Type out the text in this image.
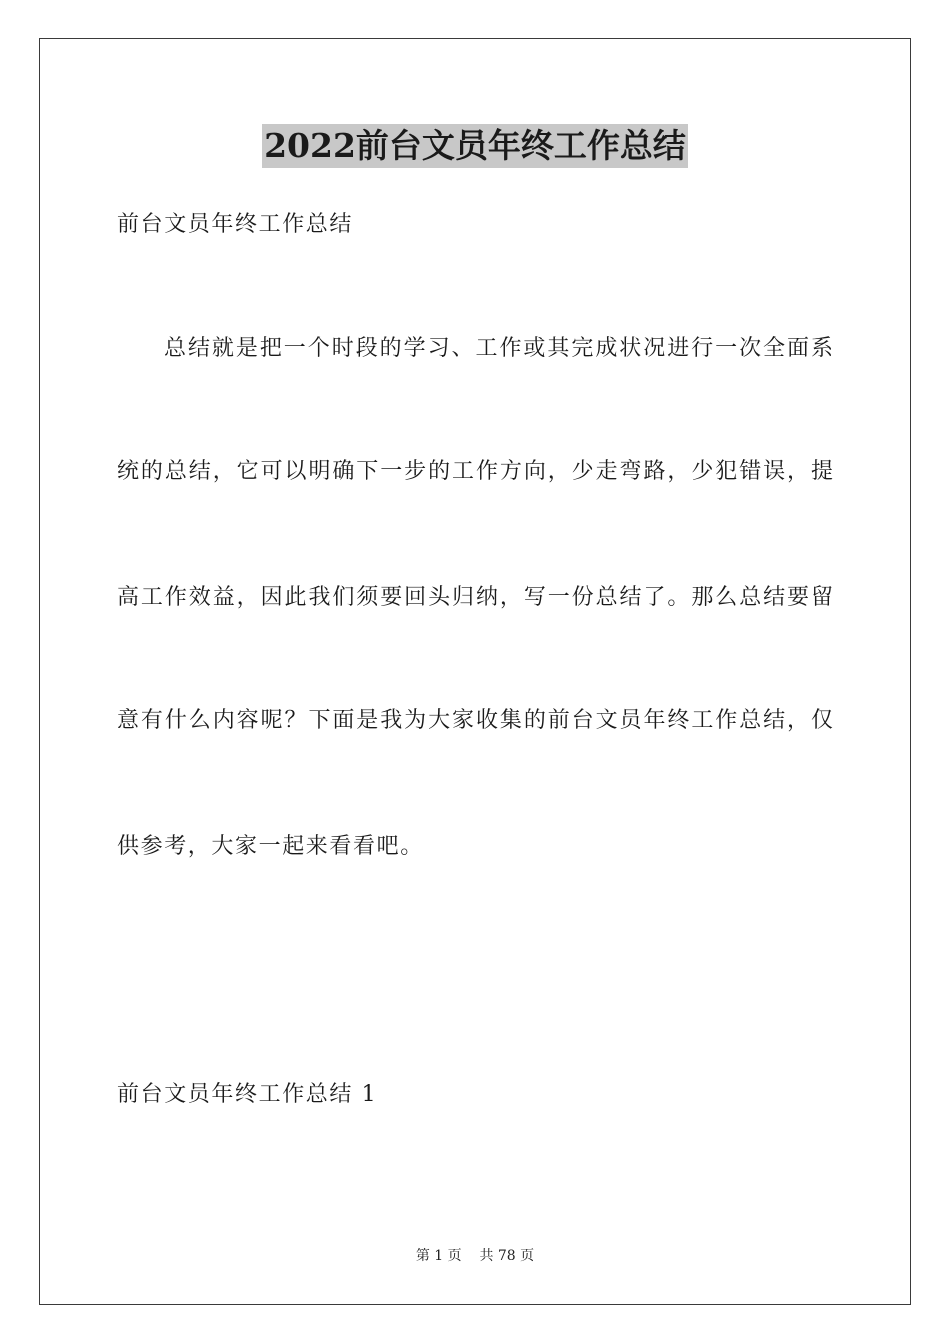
2022前台文员年终工作总结
前台文员年终工作总结
总结就是把一个时段的学习、工作或其完成状况进行一次全面系
统的总结，它可以明确下一步的工作方向，少走弯路，少犯错误，提
高工作效益，因此我们须要回头归纳，写一份总结了。那么总结要留
意有什么内容呢？下面是我为大家收集的前台文员年终工作总结，仅
供参考，大家一起来看看吧。
前台文员年终工作总结 1
第 1 页 共 78 页
